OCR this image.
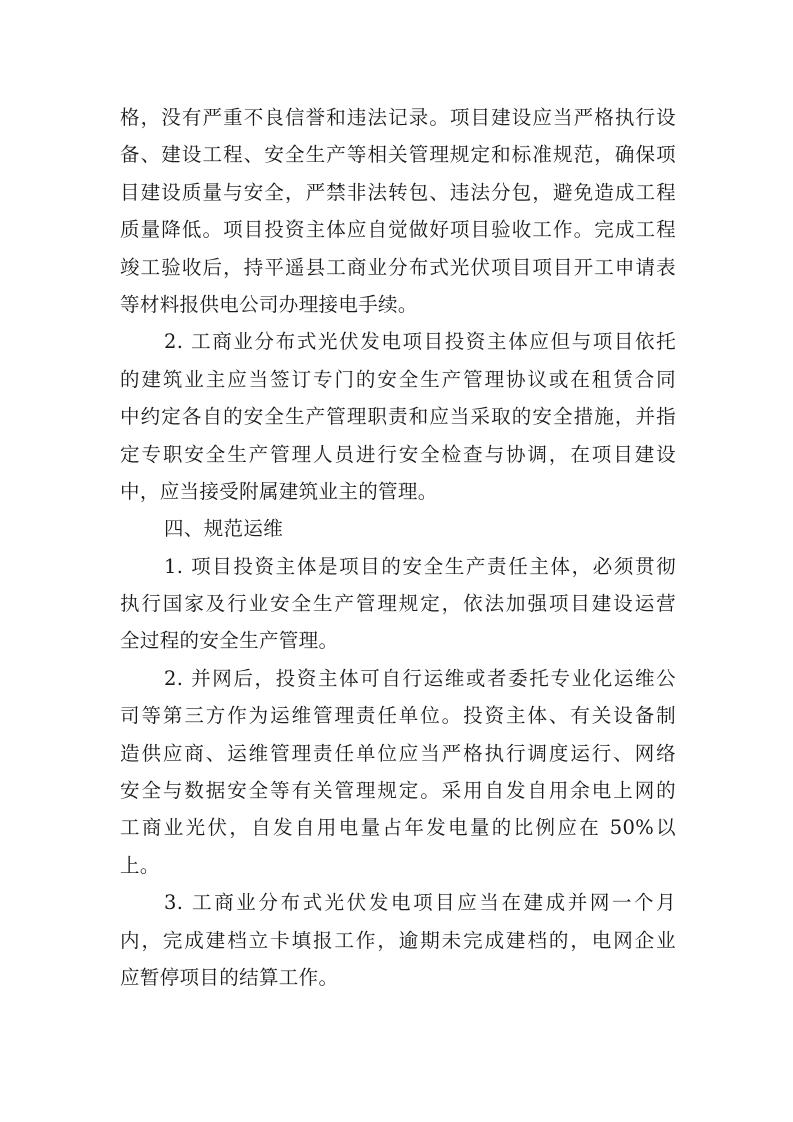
格，没有严重不良信誉和违法记录。项目建设应当严格执行设
备、建设工程、安全生产等相关管理规定和标准规范，确保项
目建设质量与安全，严禁非法转包、违法分包，避免造成工程
质量降低。项目投资主体应自觉做好项目验收工作。完成工程
竣工验收后，持平遥县工商业分布式光伏项目项目开工申请表
等材料报供电公司办理接电手续。
2. 工商业分布式光伏发电项目投资主体应但与项目依托
的建筑业主应当签订专门的安全生产管理协议或在租赁合同
中约定各自的安全生产管理职责和应当采取的安全措施，并指
定专职安全生产管理人员进行安全检查与协调，在项目建设
中，应当接受附属建筑业主的管理。
四、规范运维
1. 项目投资主体是项目的安全生产责任主体，必须贯彻
执行国家及行业安全生产管理规定，依法加强项目建设运营
全过程的安全生产管理。
2. 并网后，投资主体可自行运维或者委托专业化运维公
司等第三方作为运维管理责任单位。投资主体、有关设备制
造供应商、运维管理责任单位应当严格执行调度运行、网络
安全与数据安全等有关管理规定。采用自发自用余电上网的
工商业光伏，自发自用电量占年发电量的比例应在 50%以
上。
3. 工商业分布式光伏发电项目应当在建成并网一个月
内，完成建档立卡填报工作，逾期未完成建档的，电网企业
应暂停项目的结算工作。
